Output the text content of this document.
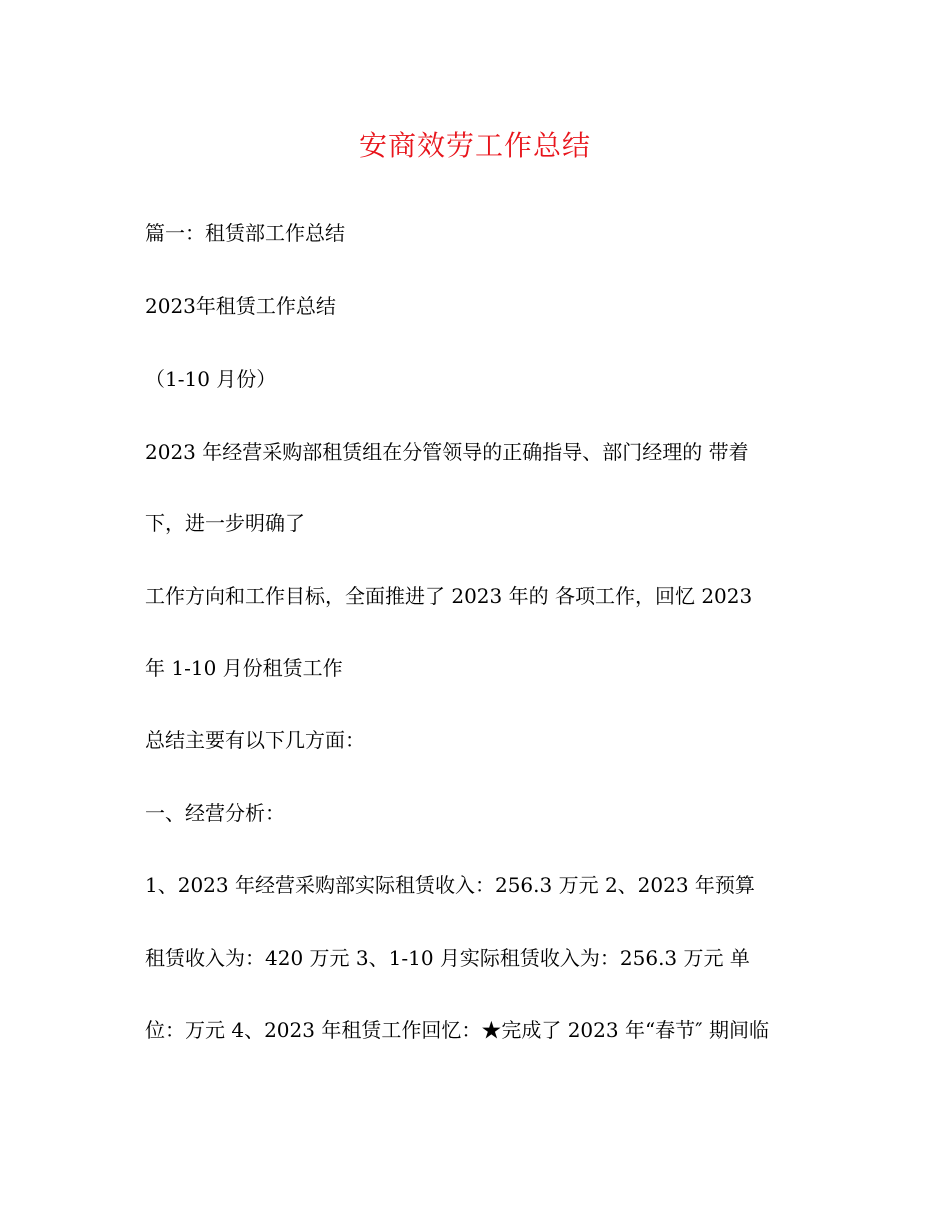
安商效劳工作总结
篇一：租赁部工作总结
2023年租赁工作总结
（1-10 月份）
2023 年经营采购部租赁组在分管领导的正确指导、部门经理的 带着
下，进一步明确了
工作方向和工作目标，全面推进了 2023 年的 各项工作，回忆 2023
年 1-10 月份租赁工作
总结主要有以下几方面：
一、经营分析：
1、2023 年经营采购部实际租赁收入：256.3 万元 2、2023 年预算
租赁收入为：420 万元 3、1-10 月实际租赁收入为：256.3 万元 单
位：万元 4、2023 年租赁工作回忆：★完成了 2023 年“春节″ 期间临
